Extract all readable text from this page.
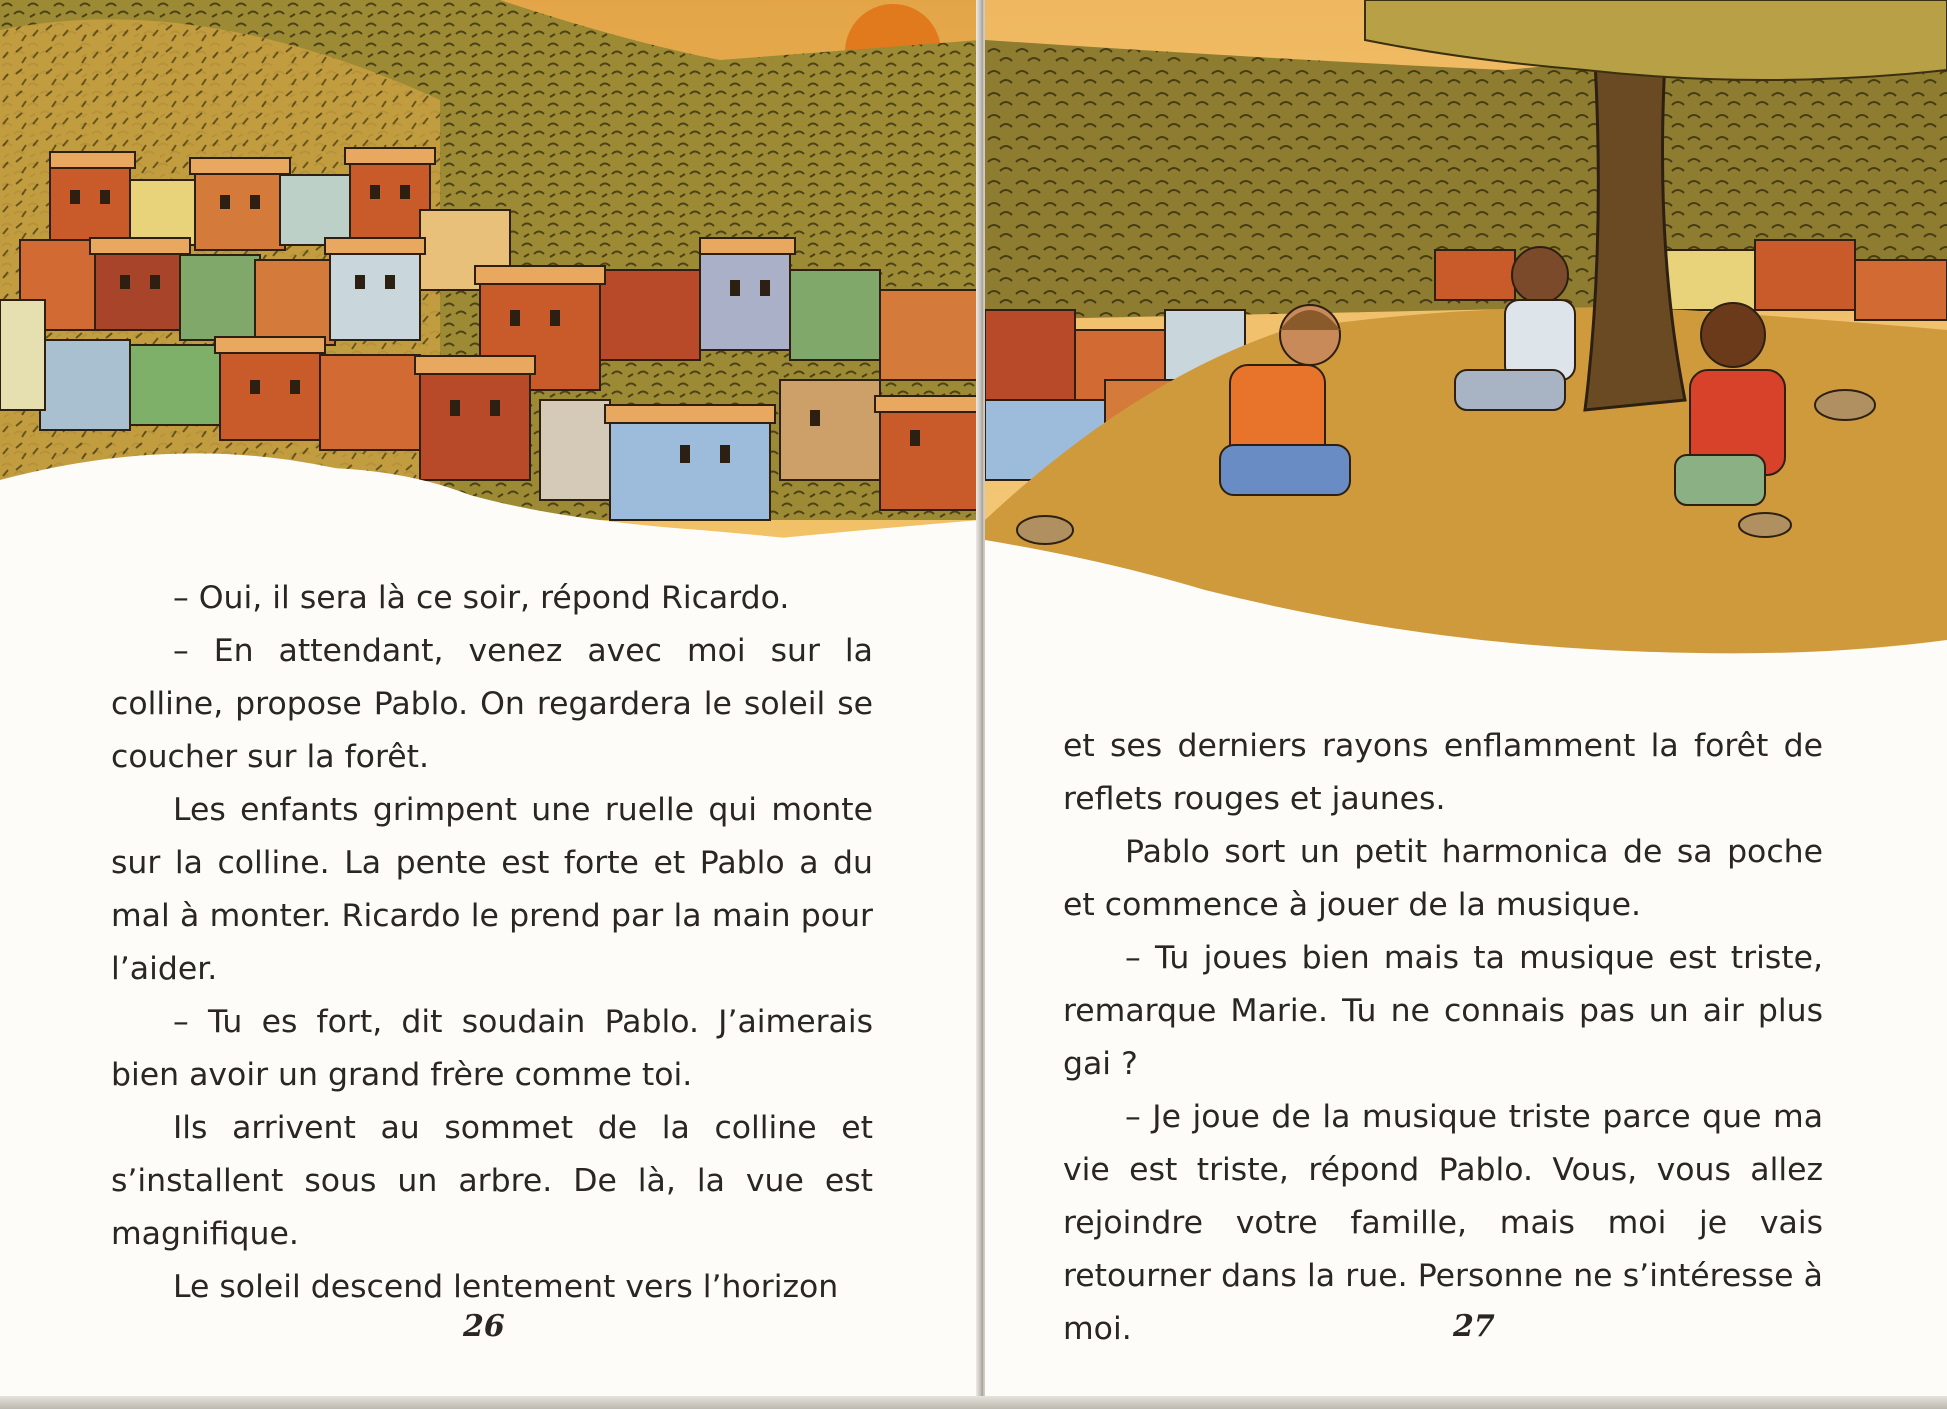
– Oui, il sera là ce soir, répond Ricardo.

– En attendant, venez avec moi sur la colline, propose Pablo. On regardera le soleil se coucher sur la forêt.

Les enfants grimpent une ruelle qui monte sur la colline. La pente est forte et Pablo a du mal à monter. Ricardo le prend par la main pour l’aider.

– Tu es fort, dit soudain Pablo. J’aimerais bien avoir un grand frère comme toi.

Ils arrivent au sommet de la colline et s’installent sous un arbre. De là, la vue est magnifique.

Le soleil descend lentement vers l’horizon

26

et ses derniers rayons enflamment la forêt de reflets rouges et jaunes.

Pablo sort un petit harmonica de sa poche et commence à jouer de la musique.

– Tu joues bien mais ta musique est triste, remarque Marie. Tu ne connais pas un air plus gai ?

– Je joue de la musique triste parce que ma vie est triste, répond Pablo. Vous, vous allez rejoindre votre famille, mais moi je vais retourner dans la rue. Personne ne s’intéresse à moi.	27
